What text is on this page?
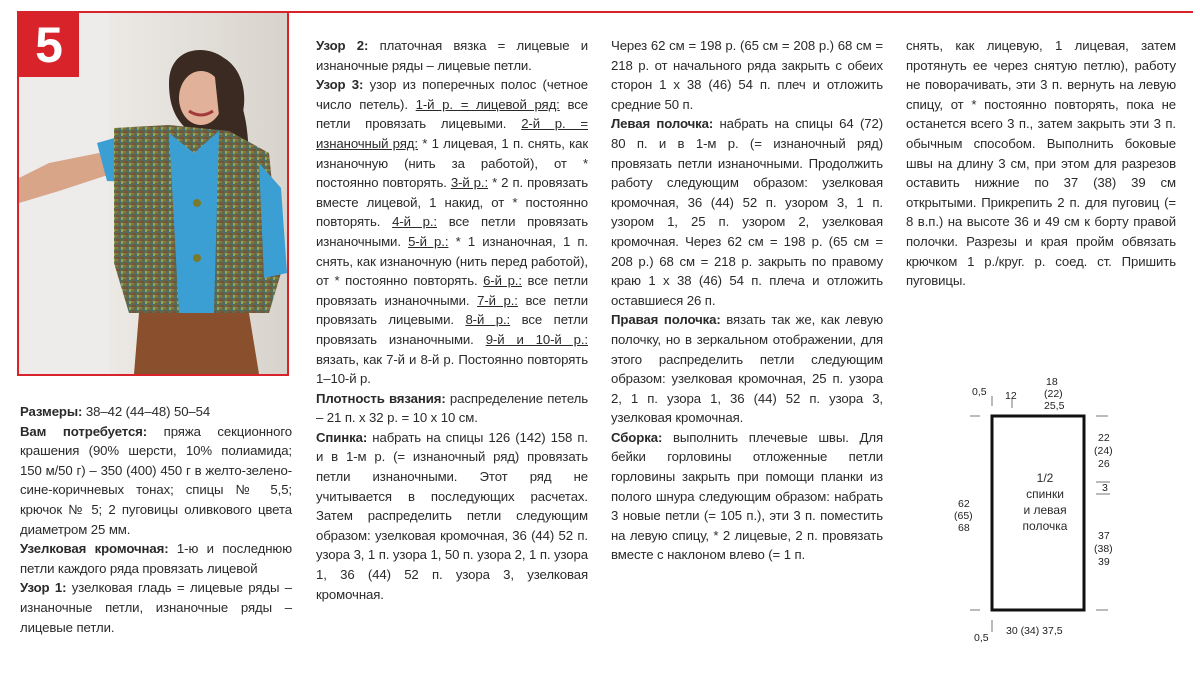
5

Размеры: 38–42 (44–48) 50–54

Вам потребуется: пряжа секционного крашения (90% шерсти, 10% полиамида; 150 м/50 г) – 350 (400) 450 г в желто-зелено-сине-коричневых тонах; спицы № 5,5; крючок № 5; 2 пуговицы оливкового цвета диаметром 25 мм.

Узелковая кромочная: 1-ю и последнюю петли каждого ряда провязать лицевой

Узор 1: узелковая гладь = лицевые ряды – изнаночные петли, изнаночные ряды – лицевые петли.

Узор 2: платочная вязка = лицевые и изнаночные ряды – лицевые петли.

Узор 3: узор из поперечных полос (четное число петель). 1-й р. = лицевой ряд: все петли провязать лицевыми. 2-й р. = изнаночный ряд: * 1 лицевая, 1 п. снять, как изнаночную (нить за работой), от * постоянно повторять. 3-й р.: * 2 п. провязать вместе лицевой, 1 накид, от * постоянно повторять. 4-й р.: все петли провязать изнаночными. 5-й р.: * 1 изнаночная, 1 п. снять, как изнаночную (нить перед работой), от * постоянно повторять. 6-й р.: все петли провязать изнаночными. 7-й р.: все петли провязать лицевыми. 8-й р.: все петли провязать изнаночными. 9-й и 10-й р.: вязать, как 7-й и 8-й р. Постоянно повторять 1–10-й р.

Плотность вязания: распределение петель – 21 п. х 32 р. = 10 х 10 см.

Спинка: набрать на спицы 126 (142) 158 п. и в 1-м р. (= изнаночный ряд) провязать петли изнаночными. Этот ряд не учитывается в последующих расчетах. Затем распределить петли следующим образом: узелковая кромочная, 36 (44) 52 п. узора 3, 1 п. узора 1, 50 п. узора 2, 1 п. узора 1, 36 (44) 52 п. узора 3, узелковая кромочная.

Через 62 см = 198 р. (65 см = 208 р.) 68 см = 218 р. от начального ряда закрыть с обеих сторон 1 х 38 (46) 54 п. плеч и отложить средние 50 п.

Левая полочка: набрать на спицы 64 (72) 80 п. и в 1-м р. (= изнаночный ряд) провязать петли изнаночными. Продолжить работу следующим образом: узелковая кромочная, 36 (44) 52 п. узором 3, 1 п. узором 1, 25 п. узором 2, узелковая кромочная. Через 62 см = 198 р. (65 см = 208 р.) 68 см = 218 р. закрыть по правому краю 1 х 38 (46) 54 п. плеча и отложить оставшиеся 26 п.

Правая полочка: вязать так же, как левую полочку, но в зеркальном отображении, для этого распределить петли следующим образом: узелковая кромочная, 25 п. узора 2, 1 п. узора 1, 36 (44) 52 п. узора 3, узелковая кромочная.

Сборка: выполнить плечевые швы. Для бейки горловины отложенные петли горловины закрыть при помощи планки из полого шнура следующим образом: набрать 3 новые петли (= 105 п.), эти 3 п. поместить на левую спицу, * 2 лицевые, 2 п. провязать вместе с наклоном влево (= 1 п.

снять, как лицевую, 1 лицевая, затем протянуть ее через снятую петлю), работу не поворачивать, эти 3 п. вернуть на левую спицу, от * постоянно повторять, пока не останется всего 3 п., затем закрыть эти 3 п. обычным способом. Выполнить боковые швы на длину 3 см, при этом для разрезов оставить нижние по 37 (38) 39 см открытыми. Прикрепить 2 п. для пуговиц (= 8 в.п.) на высоте 36 и 49 см к борту правой полочки. Разрезы и края пройм обвязать крючком 1 р./круг. р. соед. ст. Пришить пуговицы.

0,5 12
18
(22)
25,5
62
(65)
68
22
(24)
26
3
37
(38)
39
0,5
30 (34) 37,5
1/2
спинки
и левая
полочка
